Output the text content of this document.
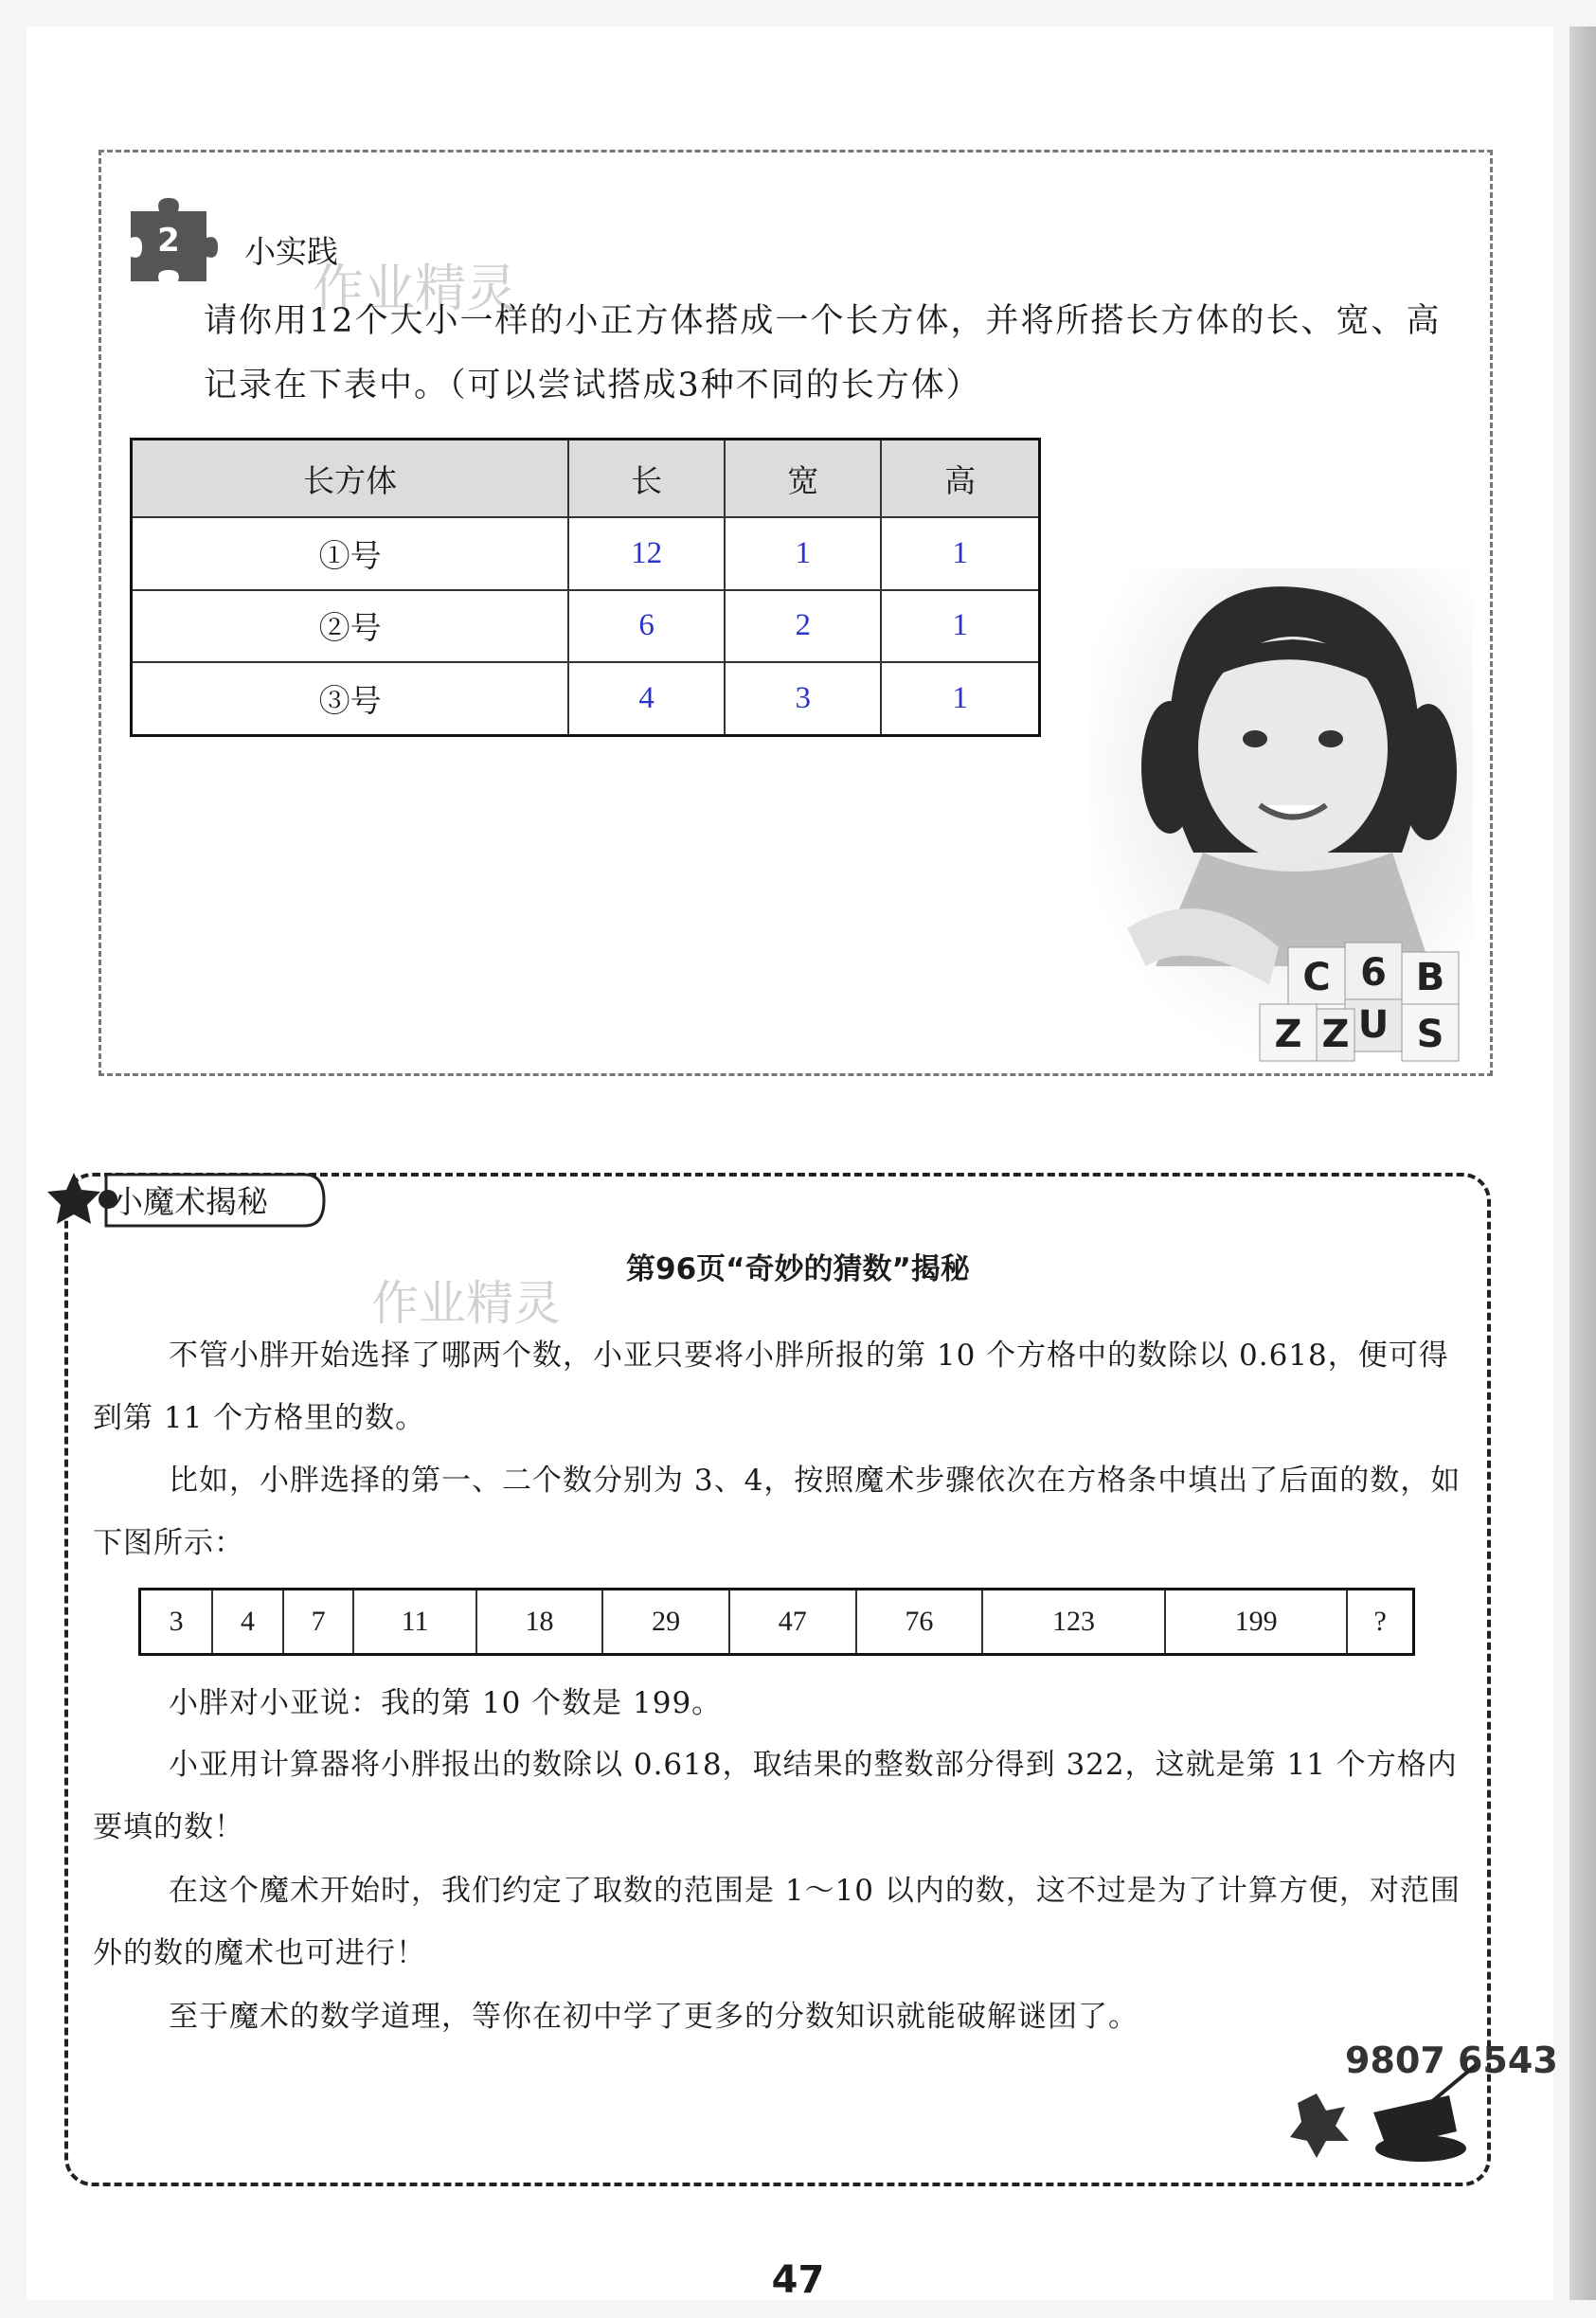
2 小实践
作业精灵
请你用12个大小一样的小正方体搭成一个长方体，并将所搭长方体的长、宽、高记录在下表中。（可以尝试搭成3种不同的长方体）
长方体	长	宽	高
①号	12	1	1
②号	6	2	1
③号	4	3	1
C 6 B
U
Z Z S
小魔术揭秘
第96页“奇妙的猜数”揭秘
作业精灵
不管小胖开始选择了哪两个数，小亚只要将小胖所报的第 10 个方格中的数除以 0.618，便可得到第 11 个方格里的数。
比如，小胖选择的第一、二个数分别为 3、4，按照魔术步骤依次在方格条中填出了后面的数，如下图所示：
3	4	7	11	18	29	47	76	123	199	?
小胖对小亚说：我的第 10 个数是 199。
小亚用计算器将小胖报出的数除以 0.618，取结果的整数部分得到 322，这就是第 11 个方格内要填的数！
在这个魔术开始时，我们约定了取数的范围是 1～10 以内的数，这不过是为了计算方便，对范围外的数的魔术也可进行！
至于魔术的数学道理，等你在初中学了更多的分数知识就能破解谜团了。
9807 6543
47
